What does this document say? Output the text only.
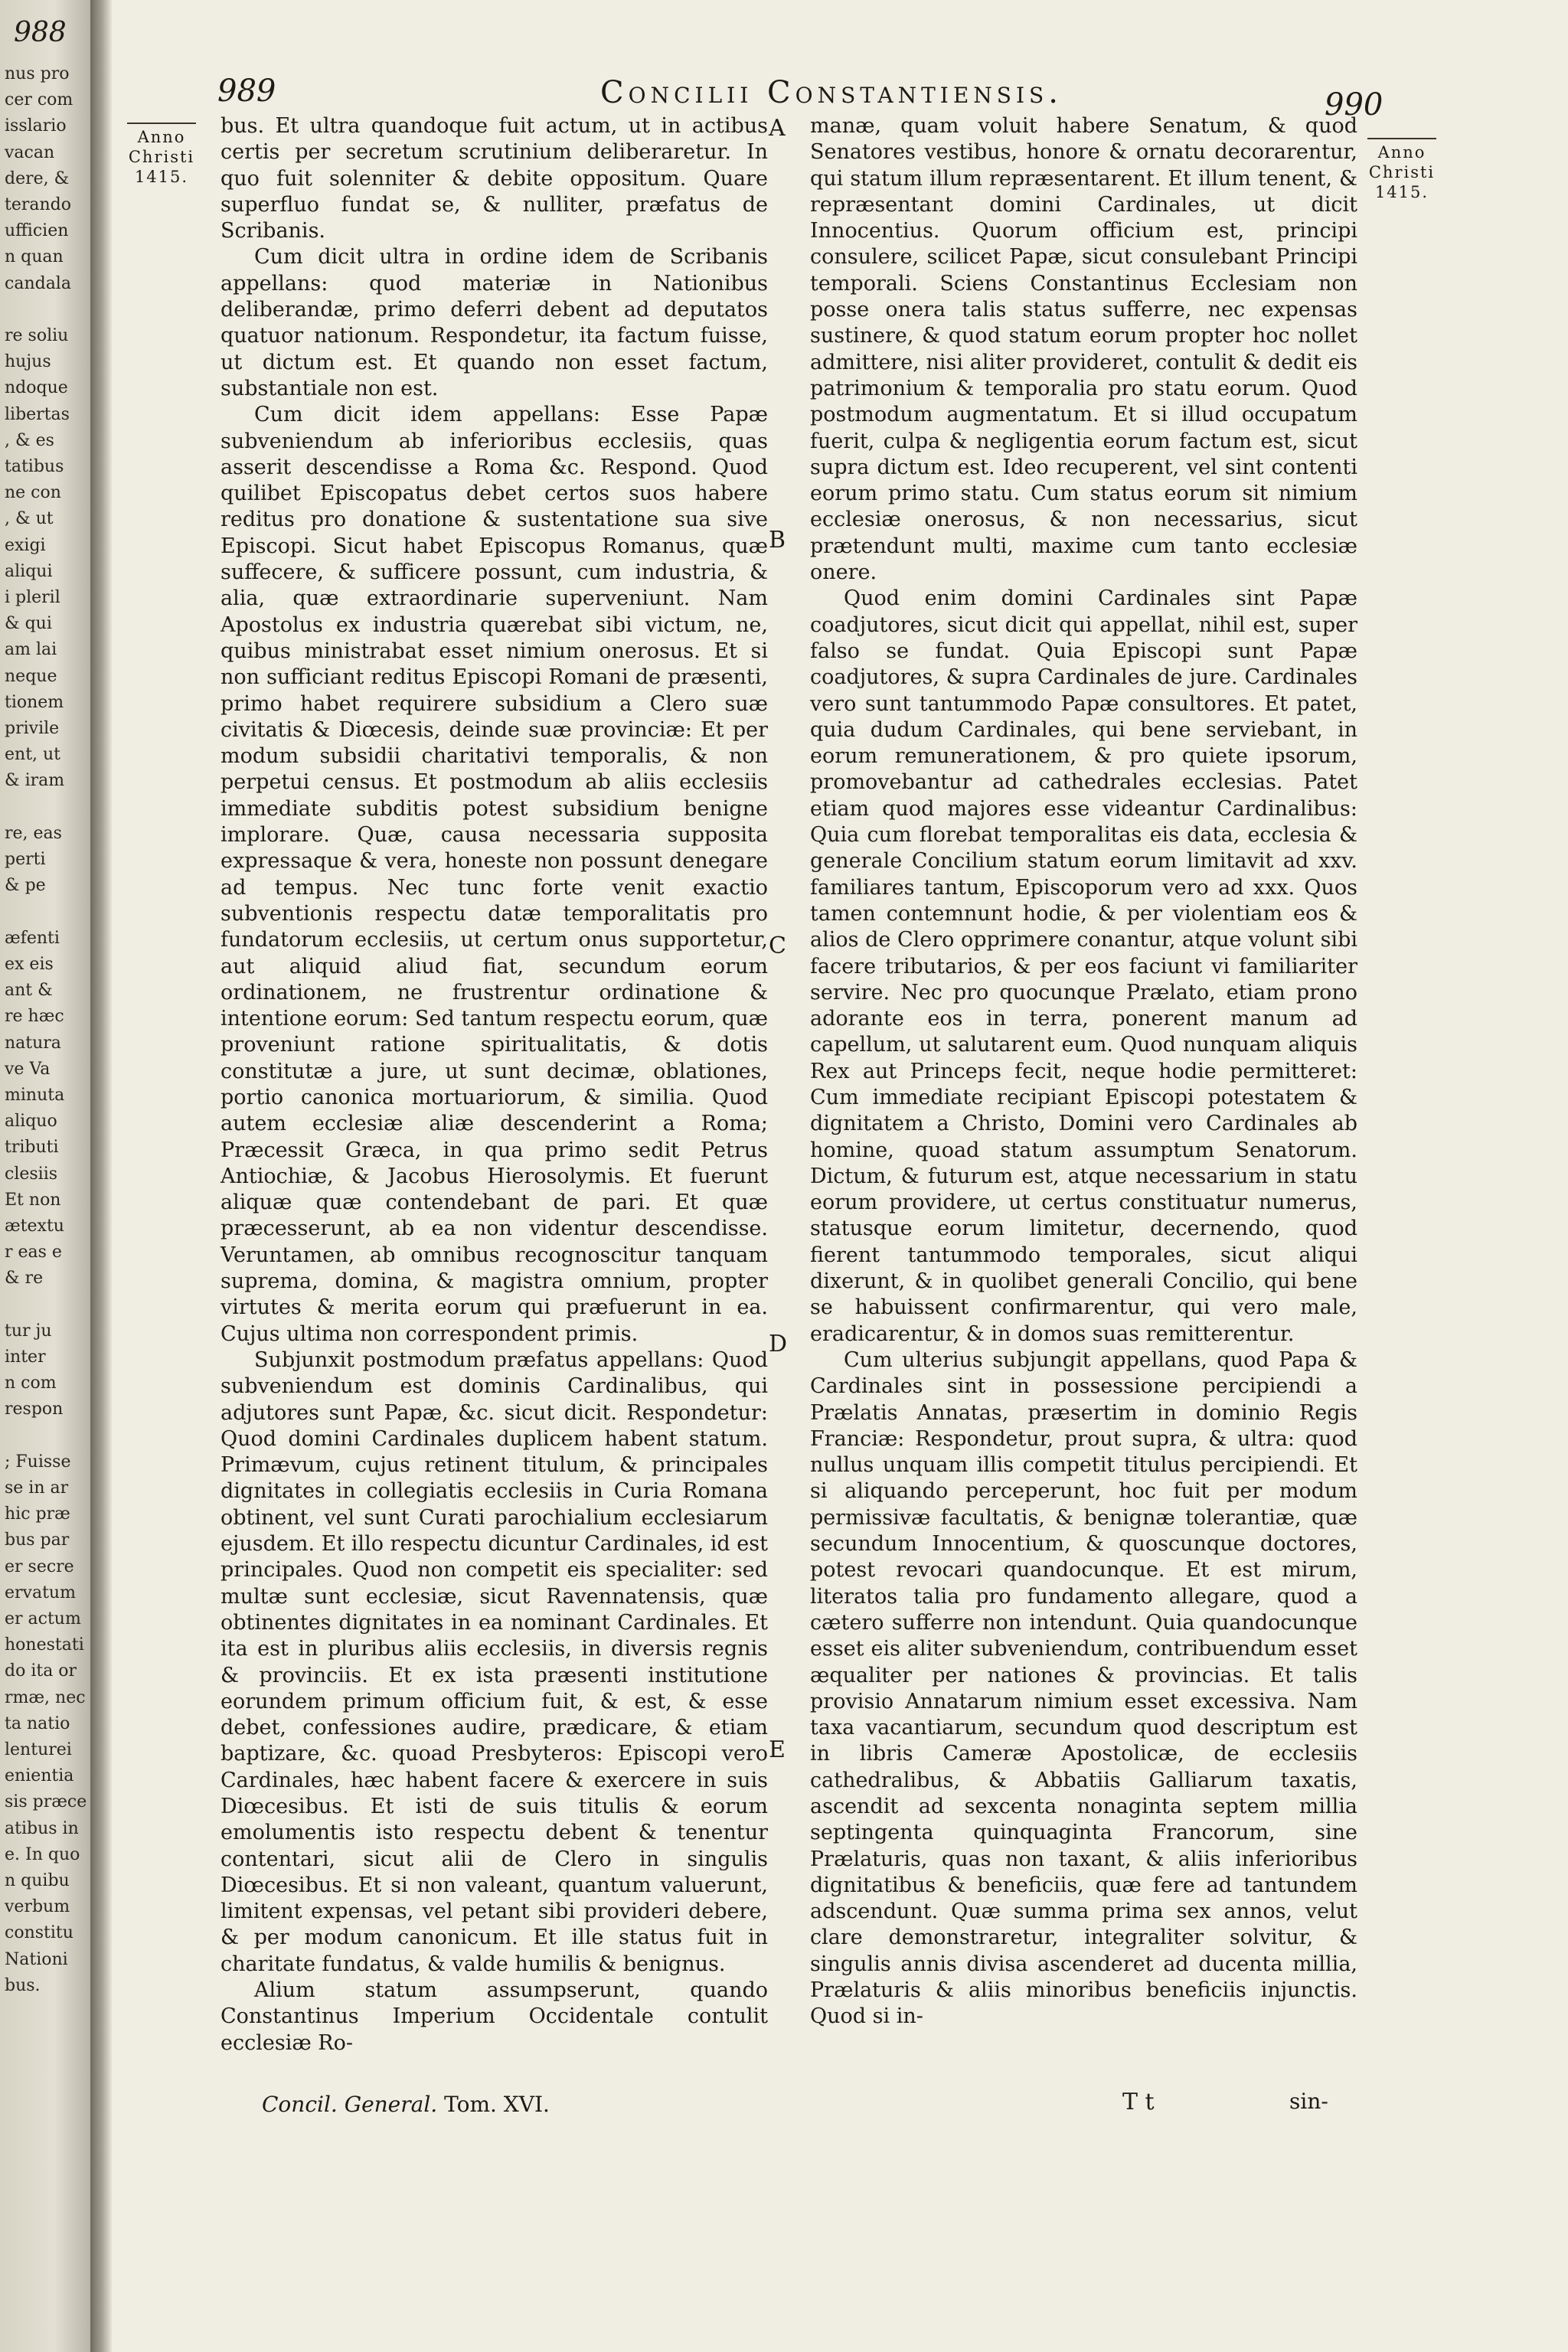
988
nus pro
cer com
isslario
vacan
dere, &
terando
ufficien
n quan
candala

re soliu
hujus
ndoque
libertas
, & es
tatibus
ne con
, & ut
exigi
aliqui
i pleril
& qui
am lai
neque
tionem
privile
ent, ut
& iram

re, eas
perti
& pe

æfenti
ex eis
ant &
re hæc
natura
ve Va
minuta
aliquo
tributi
clesiis
Et non
ætextu
r eas e
& re

tur ju
inter
n com
respon

; Fuisse
se in ar
hic præ
bus par
er secre
ervatum
er actum
honestati
do ita or
rmæ, nec
ta natio
lenturei
enientia
sis præce
atibus in
e. In quo
n quibu
verbum
constitu
Nationi
bus.
989	Concilii Constantiensis.	990
Anno
Christi
1415.
Anno
Christi
1415.

bus. Et ultra quandoque fuit actum, ut in actibus certis per secretum scrutinium deliberaretur. In quo fuit solenniter & debite oppositum. Quare superfluo fundat se, & nulliter, præfatus de Scribanis.

Cum dicit ultra in ordine idem de Scribanis appellans: quod materiæ in Nationibus deliberandæ, primo deferri debent ad deputatos quatuor nationum. Respondetur, ita factum fuisse, ut dictum est. Et quando non esset factum, substantiale non est.

Cum dicit idem appellans: Esse Papæ subveniendum ab inferioribus ecclesiis, quas asserit descendisse a Roma &c. Respond. Quod quilibet Episcopatus debet certos suos habere reditus pro donatione & sustentatione sua sive Episcopi. Sicut habet Episcopus Romanus, quæ suffecere, & sufficere possunt, cum industria, & alia, quæ extraordinarie superveniunt. Nam Apostolus ex industria quærebat sibi victum, ne, quibus ministrabat esset nimium onerosus. Et si non sufficiant reditus Episcopi Romani de præsenti, primo habet requirere subsidium a Clero suæ civitatis & Diœcesis, deinde suæ provinciæ: Et per modum subsidii charitativi temporalis, & non perpetui census. Et postmodum ab aliis ecclesiis immediate subditis potest subsidium benigne implorare. Quæ, causa necessaria supposita expressaque & vera, honeste non possunt denegare ad tempus. Nec tunc forte venit exactio subventionis respectu datæ temporalitatis pro fundatorum ecclesiis, ut certum onus supportetur, aut aliquid aliud fiat, secundum eorum ordinationem, ne frustrentur ordinatione & intentione eorum: Sed tantum respectu eorum, quæ proveniunt ratione spiritualitatis, & dotis constitutæ a jure, ut sunt decimæ, oblationes, portio canonica mortuariorum, & similia. Quod autem ecclesiæ aliæ descenderint a Roma; Præcessit Græca, in qua primo sedit Petrus Antiochiæ, & Jacobus Hierosolymis. Et fuerunt aliquæ quæ contendebant de pari. Et quæ præcesserunt, ab ea non videntur descendisse. Veruntamen, ab omnibus recognoscitur tanquam suprema, domina, & magistra omnium, propter virtutes & merita eorum qui præfuerunt in ea. Cujus ultima non correspondent primis.

Subjunxit postmodum præfatus appellans: Quod subveniendum est dominis Cardinalibus, qui adjutores sunt Papæ, &c. sicut dicit. Respondetur: Quod domini Cardinales duplicem habent statum. Primævum, cujus retinent titulum, & principales dignitates in collegiatis ecclesiis in Curia Romana obtinent, vel sunt Curati parochialium ecclesiarum ejusdem. Et illo respectu dicuntur Cardinales, id est principales. Quod non competit eis specialiter: sed multæ sunt ecclesiæ, sicut Ravennatensis, quæ obtinentes dignitates in ea nominant Cardinales. Et ita est in pluribus aliis ecclesiis, in diversis regnis & provinciis. Et ex ista præsenti institutione eorundem primum officium fuit, & est, & esse debet, confessiones audire, prædicare, & etiam baptizare, &c. quoad Presbyteros: Episcopi vero Cardinales, hæc habent facere & exercere in suis Diœcesibus. Et isti de suis titulis & eorum emolumentis isto respectu debent & tenentur contentari, sicut alii de Clero in singulis Diœcesibus. Et si non valeant, quantum valuerunt, limitent expensas, vel petant sibi provideri debere, & per modum canonicum. Et ille status fuit in charitate fundatus, & valde humilis & benignus.

Alium statum assumpserunt, quando Constantinus Imperium Occidentale contulit ecclesiæ Ro-

A
B
C
D
E

manæ, quam voluit habere Senatum, & quod Senatores vestibus, honore & ornatu decorarentur, qui statum illum repræsentarent. Et illum tenent, & repræsentant domini Cardinales, ut dicit Innocentius. Quorum officium est, principi consulere, scilicet Papæ, sicut consulebant Principi temporali. Sciens Constantinus Ecclesiam non posse onera talis status sufferre, nec expensas sustinere, & quod statum eorum propter hoc nollet admittere, nisi aliter provideret, contulit & dedit eis patrimonium & temporalia pro statu eorum. Quod postmodum augmentatum. Et si illud occupatum fuerit, culpa & negligentia eorum factum est, sicut supra dictum est. Ideo recuperent, vel sint contenti eorum primo statu. Cum status eorum sit nimium ecclesiæ onerosus, & non necessarius, sicut prætendunt multi, maxime cum tanto ecclesiæ onere.

Quod enim domini Cardinales sint Papæ coadjutores, sicut dicit qui appellat, nihil est, super falso se fundat. Quia Episcopi sunt Papæ coadjutores, & supra Cardinales de jure. Cardinales vero sunt tantummodo Papæ consultores. Et patet, quia dudum Cardinales, qui bene serviebant, in eorum remunerationem, & pro quiete ipsorum, promovebantur ad cathedrales ecclesias. Patet etiam quod majores esse videantur Cardinalibus: Quia cum florebat temporalitas eis data, ecclesia & generale Concilium statum eorum limitavit ad xxv. familiares tantum, Episcoporum vero ad xxx. Quos tamen contemnunt hodie, & per violentiam eos & alios de Clero opprimere conantur, atque volunt sibi facere tributarios, & per eos faciunt vi familiariter servire. Nec pro quocunque Prælato, etiam prono adorante eos in terra, ponerent manum ad capellum, ut salutarent eum. Quod nunquam aliquis Rex aut Princeps fecit, neque hodie permitteret: Cum immediate recipiant Episcopi potestatem & dignitatem a Christo, Domini vero Cardinales ab homine, quoad statum assumptum Senatorum. Dictum, & futurum est, atque necessarium in statu eorum providere, ut certus constituatur numerus, statusque eorum limitetur, decernendo, quod fierent tantummodo temporales, sicut aliqui dixerunt, & in quolibet generali Concilio, qui bene se habuissent confirmarentur, qui vero male, eradicarentur, & in domos suas remitterentur.

Cum ulterius subjungit appellans, quod Papa & Cardinales sint in possessione percipiendi a Prælatis Annatas, præsertim in dominio Regis Franciæ: Respondetur, prout supra, & ultra: quod nullus unquam illis competit titulus percipiendi. Et si aliquando perceperunt, hoc fuit per modum permissivæ facultatis, & benignæ tolerantiæ, quæ secundum Innocentium, & quoscunque doctores, potest revocari quandocunque. Et est mirum, literatos talia pro fundamento allegare, quod a cætero sufferre non intendunt. Quia quandocunque esset eis aliter subveniendum, contribuendum esset æqualiter per nationes & provincias. Et talis provisio Annatarum nimium esset excessiva. Nam taxa vacantiarum, secundum quod descriptum est in libris Cameræ Apostolicæ, de ecclesiis cathedralibus, & Abbatiis Galliarum taxatis, ascendit ad sexcenta nonaginta septem millia septingenta quinquaginta Francorum, sine Prælaturis, quas non taxant, & aliis inferioribus dignitatibus & beneficiis, quæ fere ad tantundem adscendunt. Quæ summa prima sex annos, velut clare demonstraretur, integraliter solvitur, & singulis annis divisa ascenderet ad ducenta millia, Prælaturis & aliis minoribus beneficiis injunctis. Quod si in-

Concil. General. Tom. XVI.	T t	sin-
